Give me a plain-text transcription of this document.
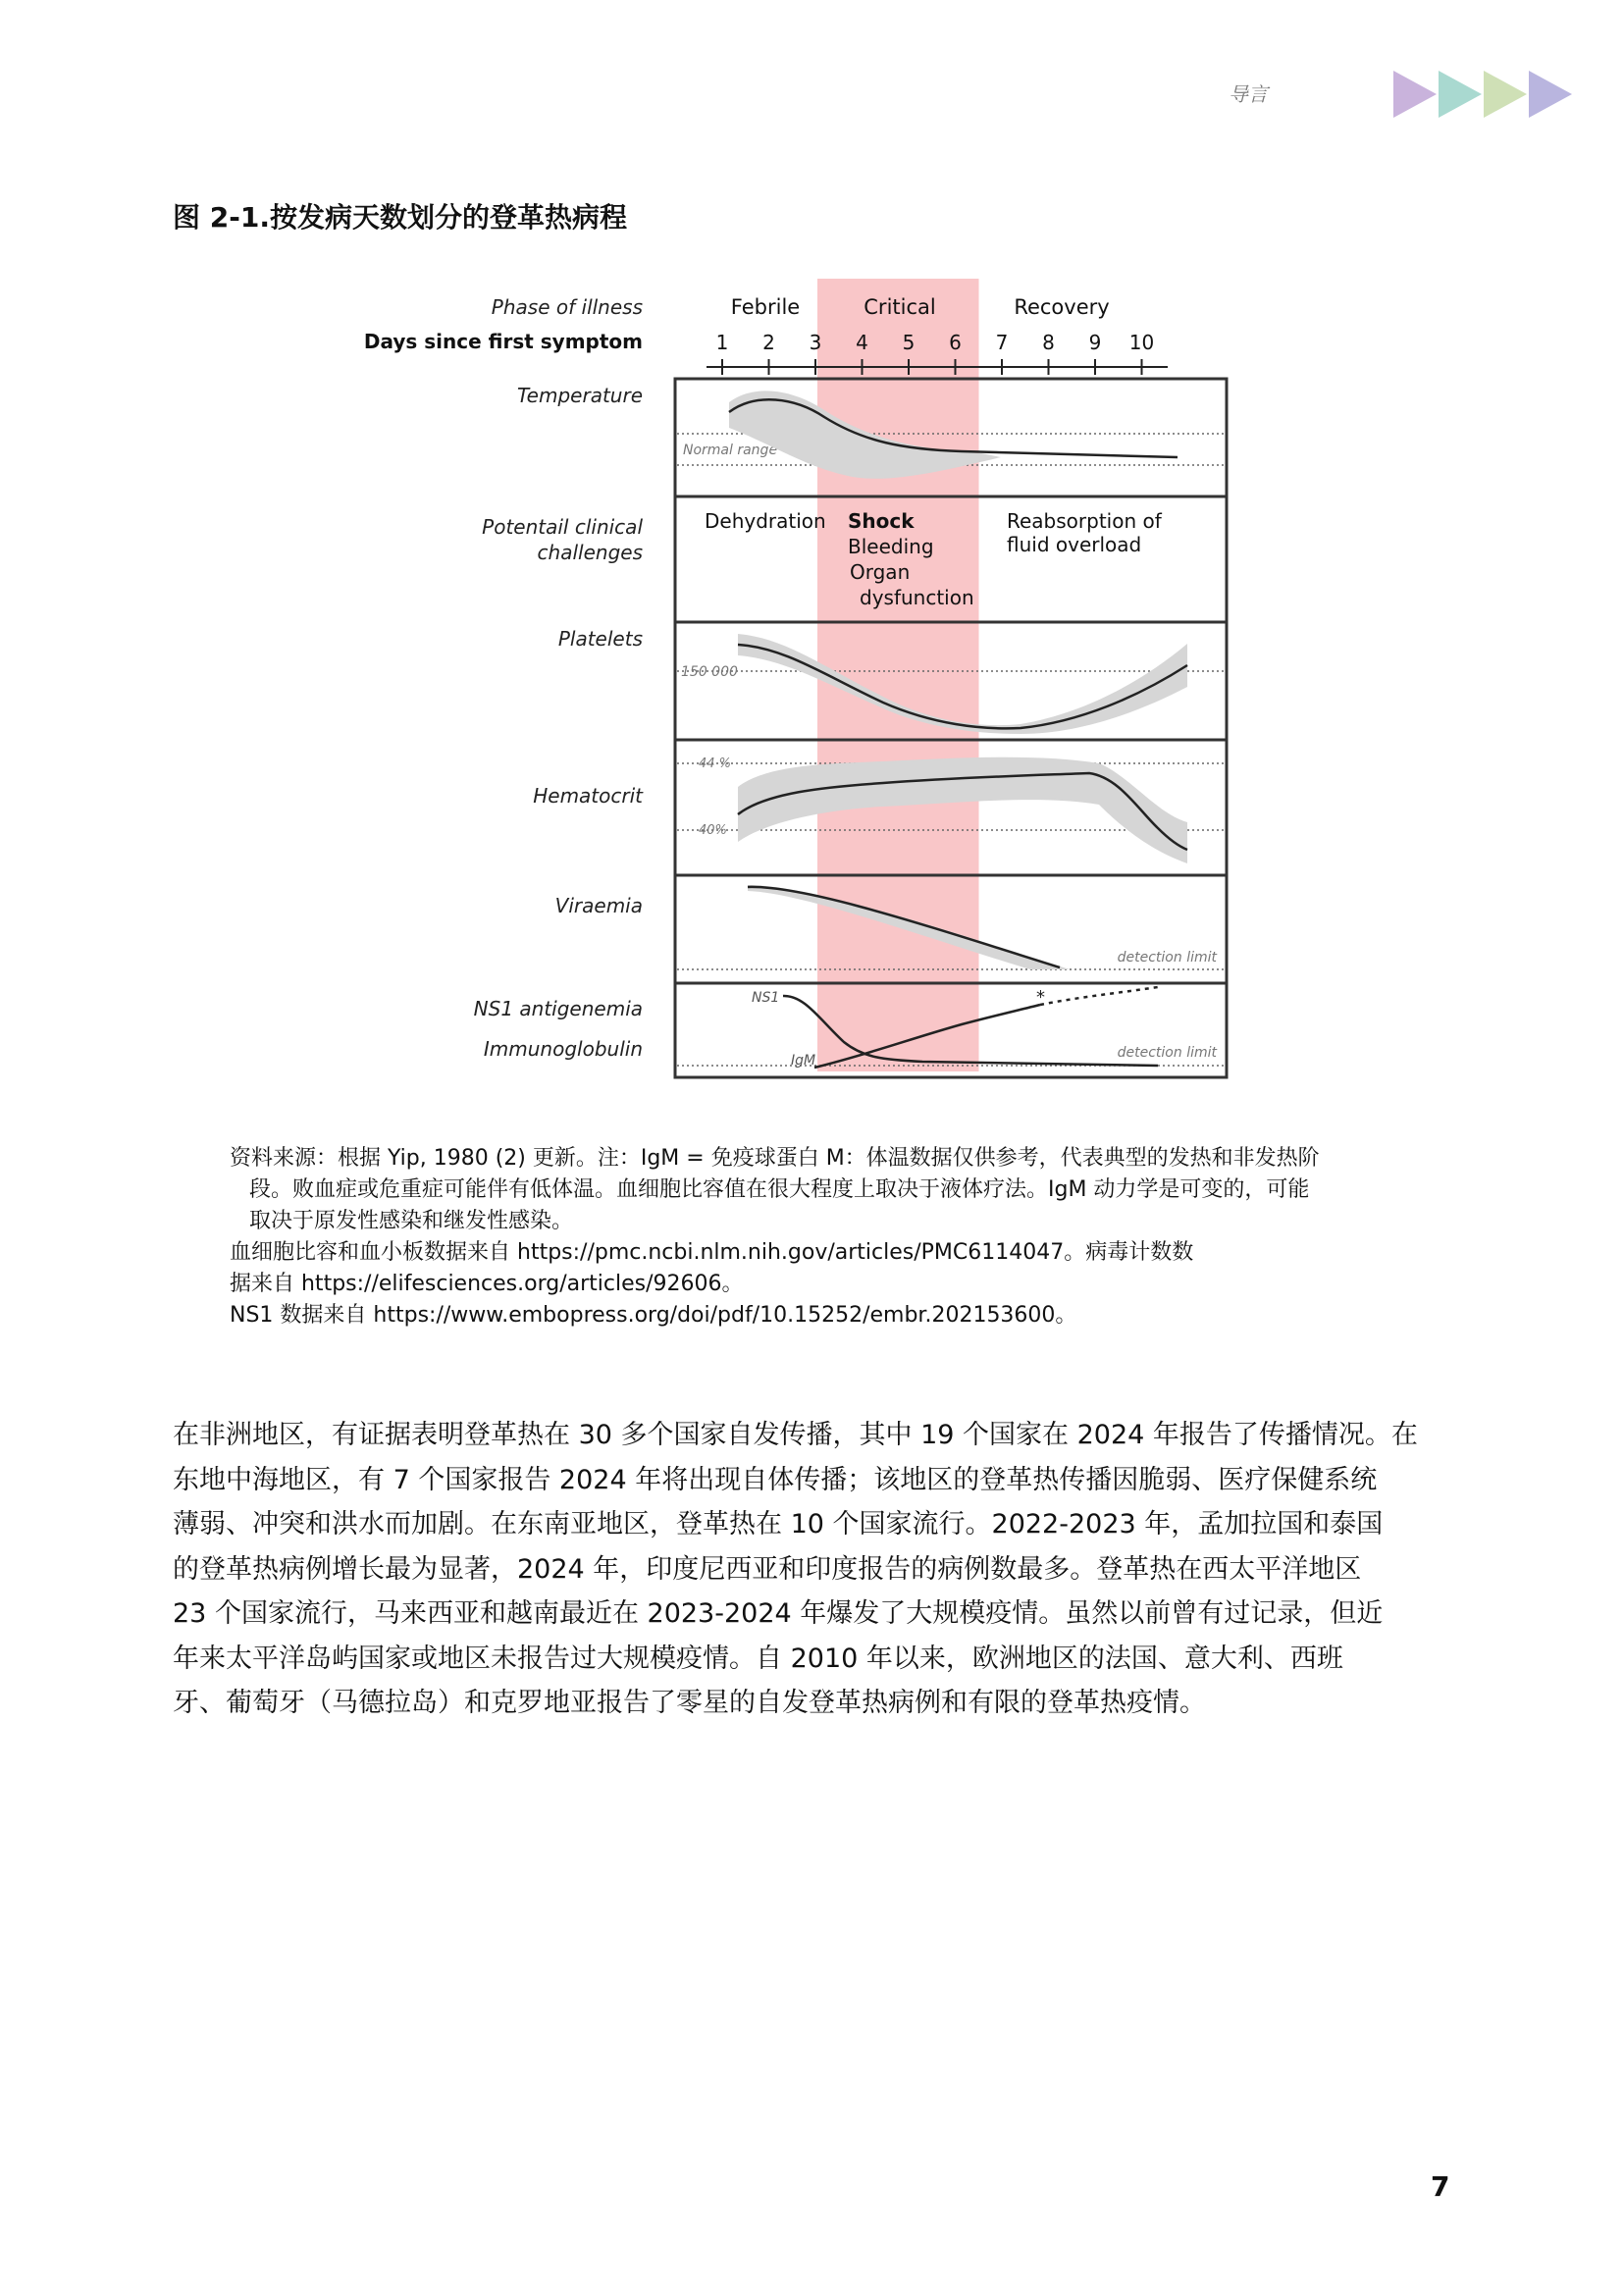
导言
图 2-1.按发病天数划分的登革热病程
Phase of illness
Days since first symptom
Febrile	Critical	Recovery
1 2 3 4 5 6 7 8 9 10
Temperature
Normal range
Potentail clinical
challenges
Dehydration Shock
Bleeding
Organ
dysfunction
Reabsorption of
fluid overload
Platelets
150 000
Hematocrit
44 %
40%
Viraemia
detection limit
NS1 antigenemia
Immunoglobulin	detection limit
NS1
IgM
*
资料来源：根据 Yip, 1980 (2) 更新。注：IgM = 免疫球蛋白 M：体温数据仅供参考，代表典型的发热和非发热阶
段。败血症或危重症可能伴有低体温。血细胞比容值在很大程度上取决于液体疗法。IgM 动力学是可变的，可能
取决于原发性感染和继发性感染。
血细胞比容和血小板数据来自 https://pmc.ncbi.nlm.nih.gov/articles/PMC6114047。病毒计数数
据来自 https://elifesciences.org/articles/92606。
NS1 数据来自 https://www.embopress.org/doi/pdf/10.15252/embr.202153600。
在非洲地区，有证据表明登革热在 30 多个国家自发传播，其中 19 个国家在 2024 年报告了传播情况。在
东地中海地区，有 7 个国家报告 2024 年将出现自体传播；该地区的登革热传播因脆弱、医疗保健系统
薄弱、冲突和洪水而加剧。在东南亚地区，登革热在 10 个国家流行。2022-2023 年，孟加拉国和泰国
的登革热病例增长最为显著，2024 年，印度尼西亚和印度报告的病例数最多。登革热在西太平洋地区
23 个国家流行，马来西亚和越南最近在 2023-2024 年爆发了大规模疫情。虽然以前曾有过记录，但近
年来太平洋岛屿国家或地区未报告过大规模疫情。自 2010 年以来，欧洲地区的法国、意大利、西班
牙、葡萄牙（马德拉岛）和克罗地亚报告了零星的自发登革热病例和有限的登革热疫情。
7
